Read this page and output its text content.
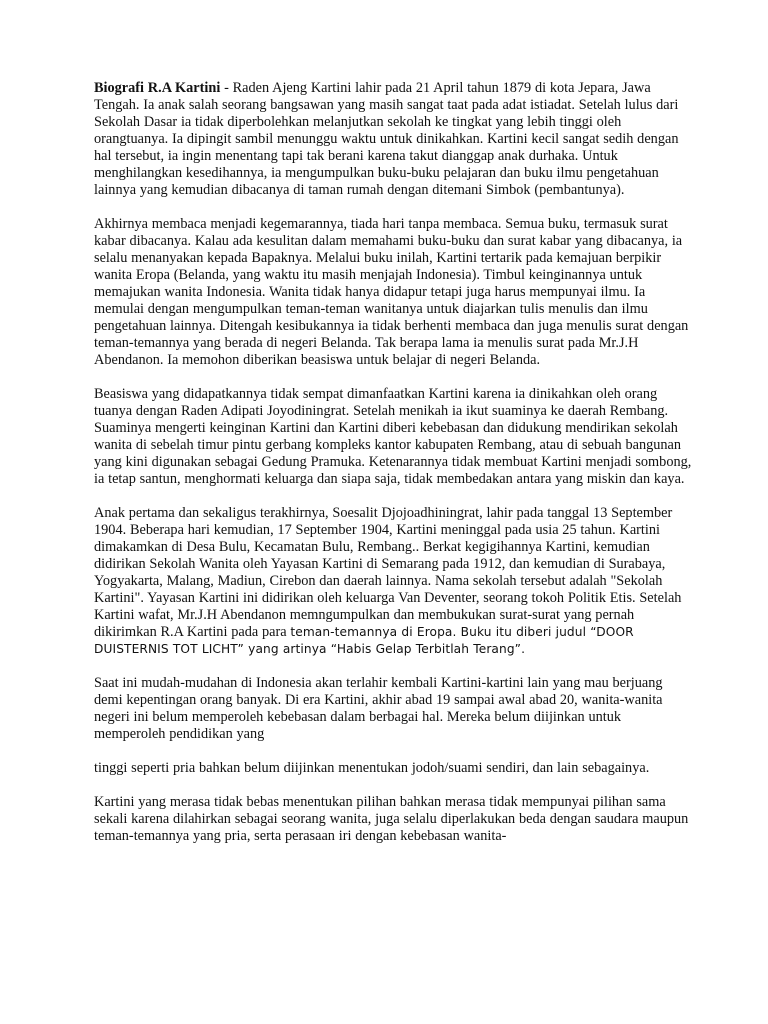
Biografi R.A Kartini - Raden Ajeng Kartini lahir pada 21 April tahun 1879 di kota Jepara, Jawa Tengah. Ia anak salah seorang bangsawan yang masih sangat taat pada adat istiadat. Setelah lulus dari Sekolah Dasar ia tidak diperbolehkan melanjutkan sekolah ke tingkat yang lebih tinggi oleh orangtuanya. Ia dipingit sambil menunggu waktu untuk dinikahkan. Kartini kecil sangat sedih dengan hal tersebut, ia ingin menentang tapi tak berani karena takut dianggap anak durhaka. Untuk menghilangkan kesedihannya, ia mengumpulkan buku-buku pelajaran dan buku ilmu pengetahuan lainnya yang kemudian dibacanya di taman rumah dengan ditemani Simbok (pembantunya).

Akhirnya membaca menjadi kegemarannya, tiada hari tanpa membaca. Semua buku, termasuk surat kabar dibacanya. Kalau ada kesulitan dalam memahami buku-buku dan surat kabar yang dibacanya, ia selalu menanyakan kepada Bapaknya. Melalui buku inilah, Kartini tertarik pada kemajuan berpikir wanita Eropa (Belanda, yang waktu itu masih menjajah Indonesia). Timbul keinginannya untuk memajukan wanita Indonesia. Wanita tidak hanya didapur tetapi juga harus mempunyai ilmu. Ia memulai dengan mengumpulkan teman-teman wanitanya untuk diajarkan tulis menulis dan ilmu pengetahuan lainnya. Ditengah kesibukannya ia tidak berhenti membaca dan juga menulis surat dengan teman-temannya yang berada di negeri Belanda. Tak berapa lama ia menulis surat pada Mr.J.H Abendanon. Ia memohon diberikan beasiswa untuk belajar di negeri Belanda.

Beasiswa yang didapatkannya tidak sempat dimanfaatkan Kartini karena ia dinikahkan oleh orang tuanya dengan Raden Adipati Joyodiningrat. Setelah menikah ia ikut suaminya ke daerah Rembang. Suaminya mengerti keinginan Kartini dan Kartini diberi kebebasan dan didukung mendirikan sekolah wanita di sebelah timur pintu gerbang kompleks kantor kabupaten Rembang, atau di sebuah bangunan yang kini digunakan sebagai Gedung Pramuka. Ketenarannya tidak membuat Kartini menjadi sombong, ia tetap santun, menghormati keluarga dan siapa saja, tidak membedakan antara yang miskin dan kaya.

Anak pertama dan sekaligus terakhirnya, Soesalit Djojoadhiningrat, lahir pada tanggal 13 September 1904. Beberapa hari kemudian, 17 September 1904, Kartini meninggal pada usia 25 tahun. Kartini dimakamkan di Desa Bulu, Kecamatan Bulu, Rembang.. Berkat kegigihannya Kartini, kemudian didirikan Sekolah Wanita oleh Yayasan Kartini di Semarang pada 1912, dan kemudian di Surabaya, Yogyakarta, Malang, Madiun, Cirebon dan daerah lainnya. Nama sekolah tersebut adalah "Sekolah Kartini". Yayasan Kartini ini didirikan oleh keluarga Van Deventer, seorang tokoh Politik Etis. Setelah Kartini wafat, Mr.J.H Abendanon memngumpulkan dan membukukan surat-surat yang pernah dikirimkan R.A Kartini pada para teman-temannya di Eropa. Buku itu diberi judul “DOOR DUISTERNIS TOT LICHT” yang artinya “Habis Gelap Terbitlah Terang”.

Saat ini mudah-mudahan di Indonesia akan terlahir kembali Kartini-kartini lain yang mau berjuang demi kepentingan orang banyak. Di era Kartini, akhir abad 19 sampai awal abad 20, wanita-wanita negeri ini belum memperoleh kebebasan dalam berbagai hal. Mereka belum diijinkan untuk memperoleh pendidikan yang

tinggi seperti pria bahkan belum diijinkan menentukan jodoh/suami sendiri, dan lain sebagainya.

Kartini yang merasa tidak bebas menentukan pilihan bahkan merasa tidak mempunyai pilihan sama sekali karena dilahirkan sebagai seorang wanita, juga selalu diperlakukan beda dengan saudara maupun teman-temannya yang pria, serta perasaan iri dengan kebebasan wanita-
